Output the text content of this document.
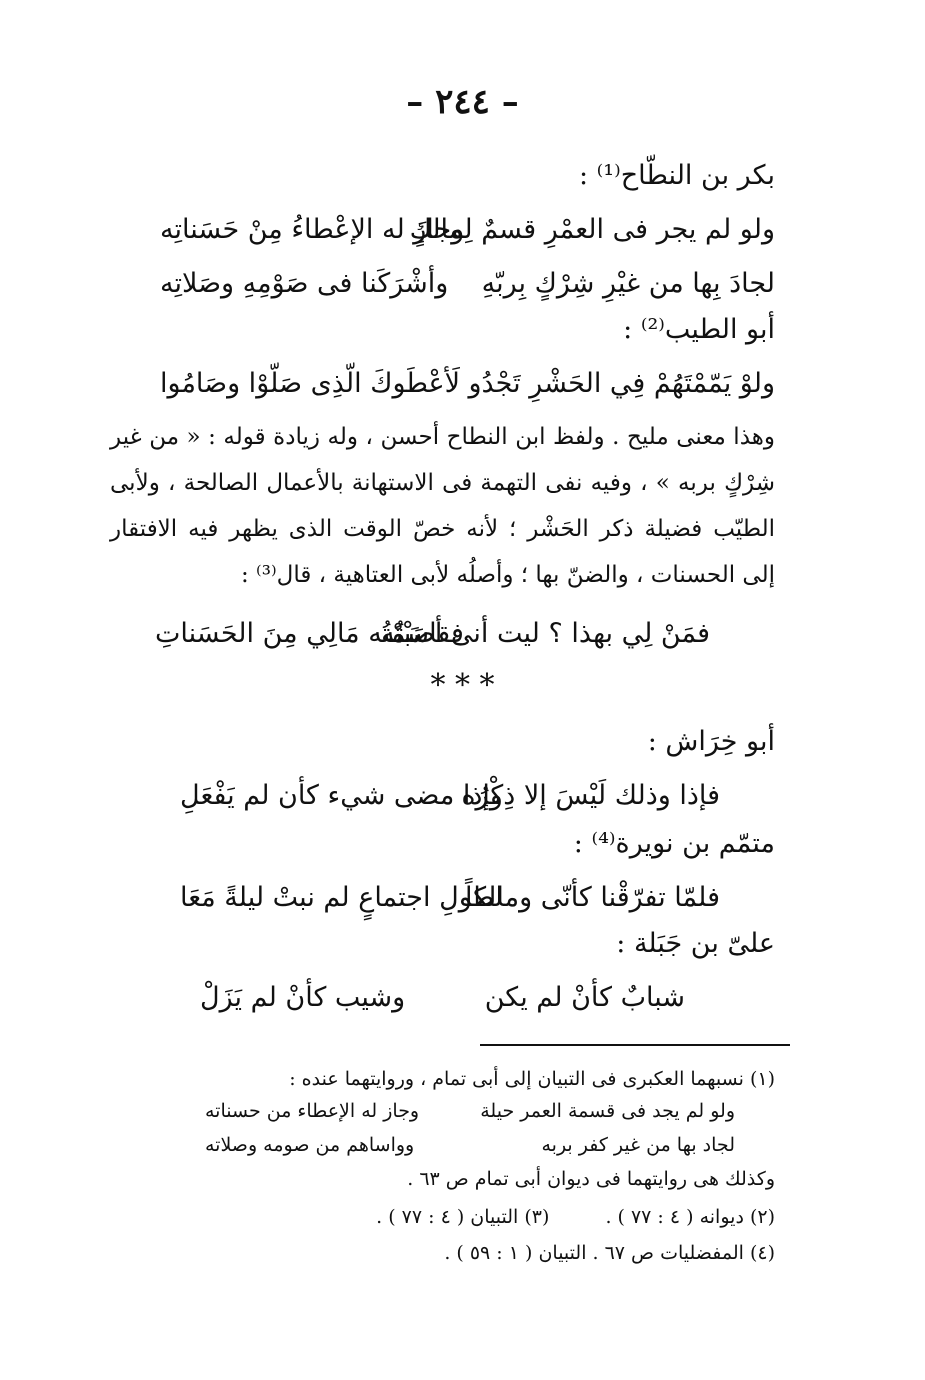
– ٢٤٤ –
بكر بن النطّاح⁽¹⁾ :
ولو لم يجر فى العمْرِ قسمٌ لِمالكٍ
وجازَ له الإعْطاءُ مِنْ حَسَناتِه
لجادَ بِها من غيْرِ شِرْكٍ بِربّهِ
وأشْرَكَنا فى صَوْمِهِ وصَلاتِه
أبو الطيب⁽²⁾ :
ولوْ يَمّمْتَهُمْ فِي الحَشْرِ تَجْدُو
لَأعْطَوكَ الّذِى صَلّوْا وصَامُوا
وهذا معنى مليح . ولفظ ابن النطاح أحسن ، وله زيادة قوله : « من غير شِرْكٍ بربه » ، وفيه نفى التهمة فى الاستهانة بالأعمال الصالحة ، ولأبى الطيّب فضيلة ذكر الحَشْر ؛ لأنه خصّ الوقت الذى يظهر فيه الافتقار إلى الحسنات ، والضنّ بها ؛ وأصلُه لأبى العتاهية ، قال⁽³⁾ :
فمَنْ لِي بهذا ؟ ليت أنى أصَبْتُه
فقاسَمْتُه مَالِي مِنَ الحَسَناتِ
* * *
أبو خِرَاش :
فإذا وذلك لَيْسَ إلا ذِكْرُه
وإذا مضى شيء كأن لم يَفْعَلِ
متمّم بن نويرة⁽⁴⁾ :
فلمّا تفرّقْنا كأنّى ومالكاً
لطولِ اجتماعٍ لم نبتْ ليلةً مَعَا
علىّ بن جَبَلة :
شبابٌ كأنْ لم يكن
وشيب كأنْ لم يَزَلْ
(١) نسبهما العكبرى فى التبيان إلى أبى تمام ، وروايتهما عنده :
ولو لم يجد فى قسمة العمر حيلة
وجاز له الإعطاء من حسناته
لجاد بها من غير كفر بربه
وواساهم من صومه وصلاته
وكذلك هى روايتهما فى ديوان أبى تمام ص ٦٣ .
(٢) ديوانه ( ٤ : ٧٧ ) . (٣) التبيان ( ٤ : ٧٧ ) .
(٤) المفضليات ص ٦٧ . التبيان ( ١ : ٥٩ ) .
